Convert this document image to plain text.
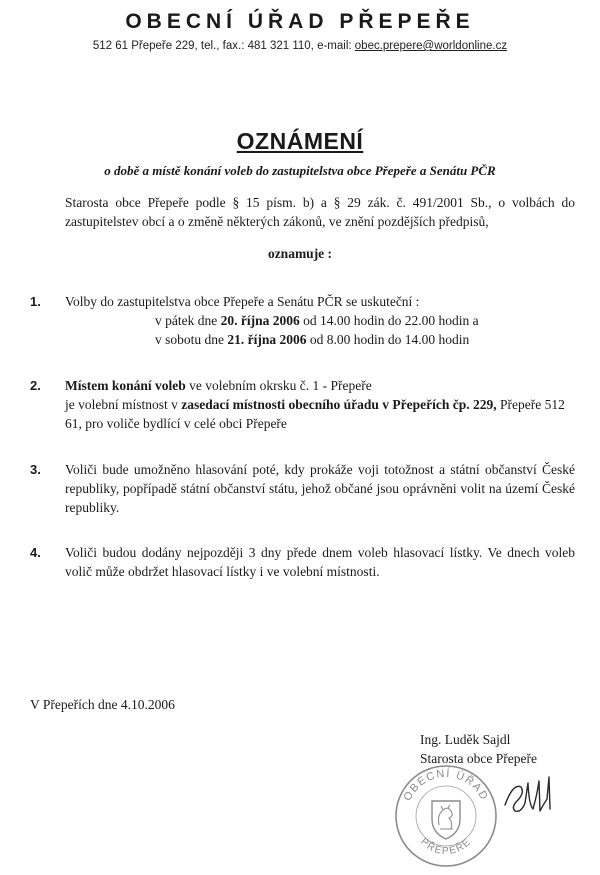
OBECNÍ ÚŘAD PŘEPEŘE
512 61 Přepeře 229, tel., fax.: 481 321 110, e-mail: obec.prepere@worldonline.cz
OZNÁMENÍ
o době a místě konání voleb do zastupitelstva obce Přepeře a Senátu PČR
Starosta obce Přepeře podle § 15 písm. b) a § 29 zák. č. 491/2001 Sb., o volbách do zastupitelstev obcí a o změně některých zákonů, ve znění pozdějších předpisů,
oznamuje :
1. Volby do zastupitelstva obce Přepeře a Senátu PČR se uskuteční :
v pátek dne 20. října 2006 od 14.00 hodin do 22.00 hodin a
v sobotu dne 21. října 2006 od 8.00 hodin do 14.00 hodin
2. Místem konání voleb ve volebním okrsku č. 1 - Přepeře
je volební místnost v zasedací místnosti obecního úřadu v Přepeřích čp. 229, Přepeře 512 61, pro voliče bydlící v celé obci Přepeře
3. Voliči bude umožněno hlasování poté, kdy prokáže voji totožnost a státní občanství České republiky, popřípadě státní občanství státu, jehož občané jsou oprávněni volit na území České republiky.
4. Voliči budou dodány nejpozději 3 dny přede dnem voleb hlasovací lístky. Ve dnech voleb volič může obdržet hlasovací lístky i ve volební místnosti.
V Přepeřích dne 4.10.2006
Ing. Luděk Sajdl
Starosta obce Přepeře
OBECNÍ ÚŘAD
PŘEPEŘE
